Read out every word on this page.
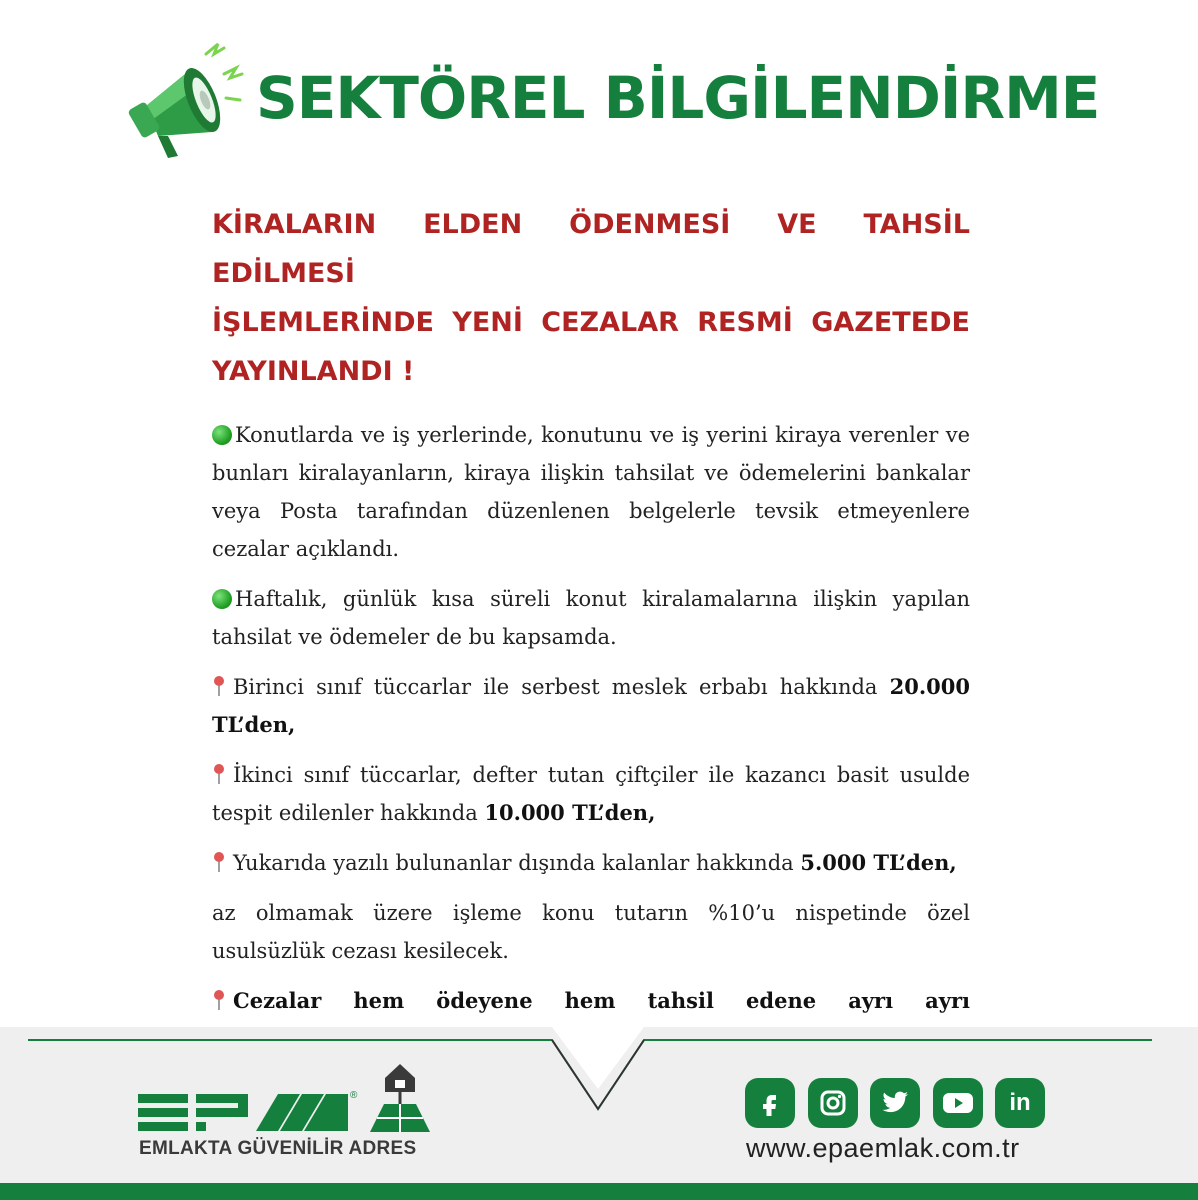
SEKTÖREL BİLGİLENDİRME
KİRALARIN ELDEN ÖDENMESİ VE TAHSİL EDİLMESİ
İŞLEMLERİNDE YENİ CEZALAR RESMİ GAZETEDE
YAYINLANDI !

Konutlarda ve iş yerlerinde, konutunu ve iş yerini kiraya verenler ve bunları kiralayanların, kiraya ilişkin tahsilat ve ödemelerini bankalar veya Posta tarafından düzenlenen belgelerle tevsik etmeyenlere cezalar açıklandı.

Haftalık, günlük kısa süreli konut kiralamalarına ilişkin yapılan tahsilat ve ödemeler de bu kapsamda.

Birinci sınıf tüccarlar ile serbest meslek erbabı hakkında 20.000 TL’den,

İkinci sınıf tüccarlar, defter tutan çiftçiler ile kazancı basit usulde tespit edilenler hakkında 10.000 TL’den,

Yukarıda yazılı bulunanlar dışında kalanlar hakkında 5.000 TL’den,

az olmamak üzere işleme konu tutarın %10’u nispetinde özel usulsüzlük cezası kesilecek.

Cezalar hem ödeyene hem tahsil edene ayrı ayrı

®
EMLAKTA GÜVENİLİR ADRES
in
www.epaemlak.com.tr
